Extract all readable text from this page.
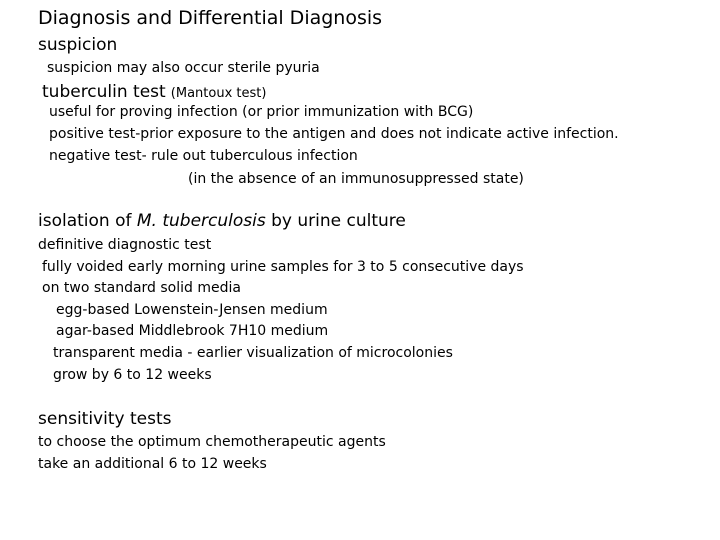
Diagnosis and Differential Diagnosis
suspicion
suspicion may also occur sterile pyuria
tuberculin test (Mantoux test)
useful for proving infection (or prior immunization with BCG)
positive test-prior exposure to the antigen and does not indicate active infection.
negative test- rule out tuberculous infection
(in the absence of an immunosuppressed state)
isolation of M. tuberculosis by urine culture
definitive diagnostic test
fully voided early morning urine samples for 3 to 5 consecutive days
on two standard solid media
egg-based Lowenstein-Jensen medium
agar-based Middlebrook 7H10 medium
transparent media - earlier visualization of microcolonies
grow by 6 to 12 weeks
sensitivity tests
to choose the optimum chemotherapeutic agents
take an additional 6 to 12 weeks
